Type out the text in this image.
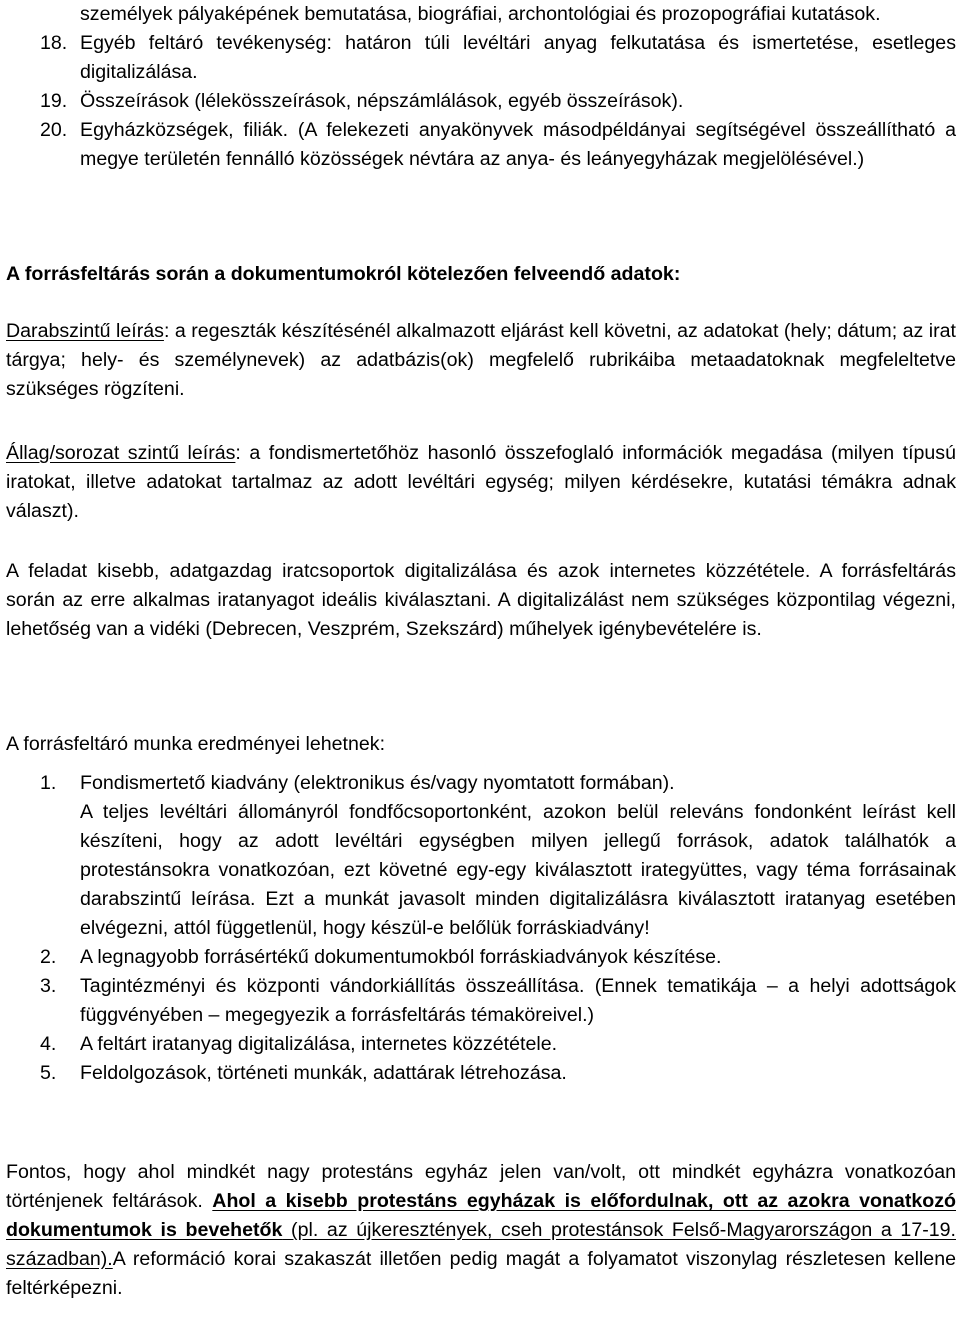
személyek pályaképének bemutatása, biográfiai, archontológiai és prozopográfiai kutatások.
18. Egyéb feltáró tevékenység: határon túli levéltári anyag felkutatása és ismertetése, esetleges digitalizálása.
19. Összeírások (lélekösszeírások, népszámlálások, egyéb összeírások).
20. Egyházközségek, filiák. (A felekezeti anyakönyvek másodpéldányai segítségével összeállítható a megye területén fennálló közösségek névtára az anya- és leányegyházak megjelölésével.)
A forrásfeltárás során a dokumentumokról kötelezően felveendő adatok:
Darabszintű leírás: a regeszták készítésénél alkalmazott eljárást kell követni, az adatokat (hely; dátum; az irat tárgya; hely- és személynevek) az adatbázis(ok) megfelelő rubrikáiba metaadatoknak megfeleltetve szükséges rögzíteni.
Állag/sorozat szintű leírás: a fondismertetőhöz hasonló összefoglaló információk megadása (milyen típusú iratokat, illetve adatokat tartalmaz az adott levéltári egység; milyen kérdésekre, kutatási témákra adnak választ).
A feladat kisebb, adatgazdag iratcsoportok digitalizálása és azok internetes közzététele. A forrásfeltárás során az erre alkalmas iratanyagot ideális kiválasztani. A digitalizálást nem szükséges központilag végezni, lehetőség van a vidéki (Debrecen, Veszprém, Szekszárd) műhelyek igénybevételére is.
A forrásfeltáró munka eredményei lehetnek:
1.	Fondismertető kiadvány (elektronikus és/vagy nyomtatott formában).
A teljes levéltári állományról fondfőcsoportonként, azokon belül releváns fondonként leírást kell készíteni, hogy az adott levéltári egységben milyen jellegű források, adatok találhatók a protestánsokra vonatkozóan, ezt követné egy-egy kiválasztott irategyüttes, vagy téma forrásainak darabszintű leírása. Ezt a munkát javasolt minden digitalizálásra kiválasztott iratanyag esetében elvégezni, attól függetlenül, hogy készül-e belőlük forráskiadvány!
2.	A legnagyobb forrásértékű dokumentumokból forráskiadványok készítése.
3.	Tagintézményi és központi vándorkiállítás összeállítása. (Ennek tematikája – a helyi adottságok függvényében – megegyezik a forrásfeltárás témaköreivel.)
4.	A feltárt iratanyag digitalizálása, internetes közzététele.
5.	Feldolgozások, történeti munkák, adattárak létrehozása.
Fontos, hogy ahol mindkét nagy protestáns egyház jelen van/volt, ott mindkét egyházra vonatkozóan történjenek feltárások. Ahol a kisebb protestáns egyházak is előfordulnak, ott az azokra vonatkozó dokumentumok is bevehetők (pl. az újkeresztények, cseh protestánsok Felső-Magyarországon a 17-19. században).A reformáció korai szakaszát illetően pedig magát a folyamatot viszonylag részletesen kellene feltérképezni.
